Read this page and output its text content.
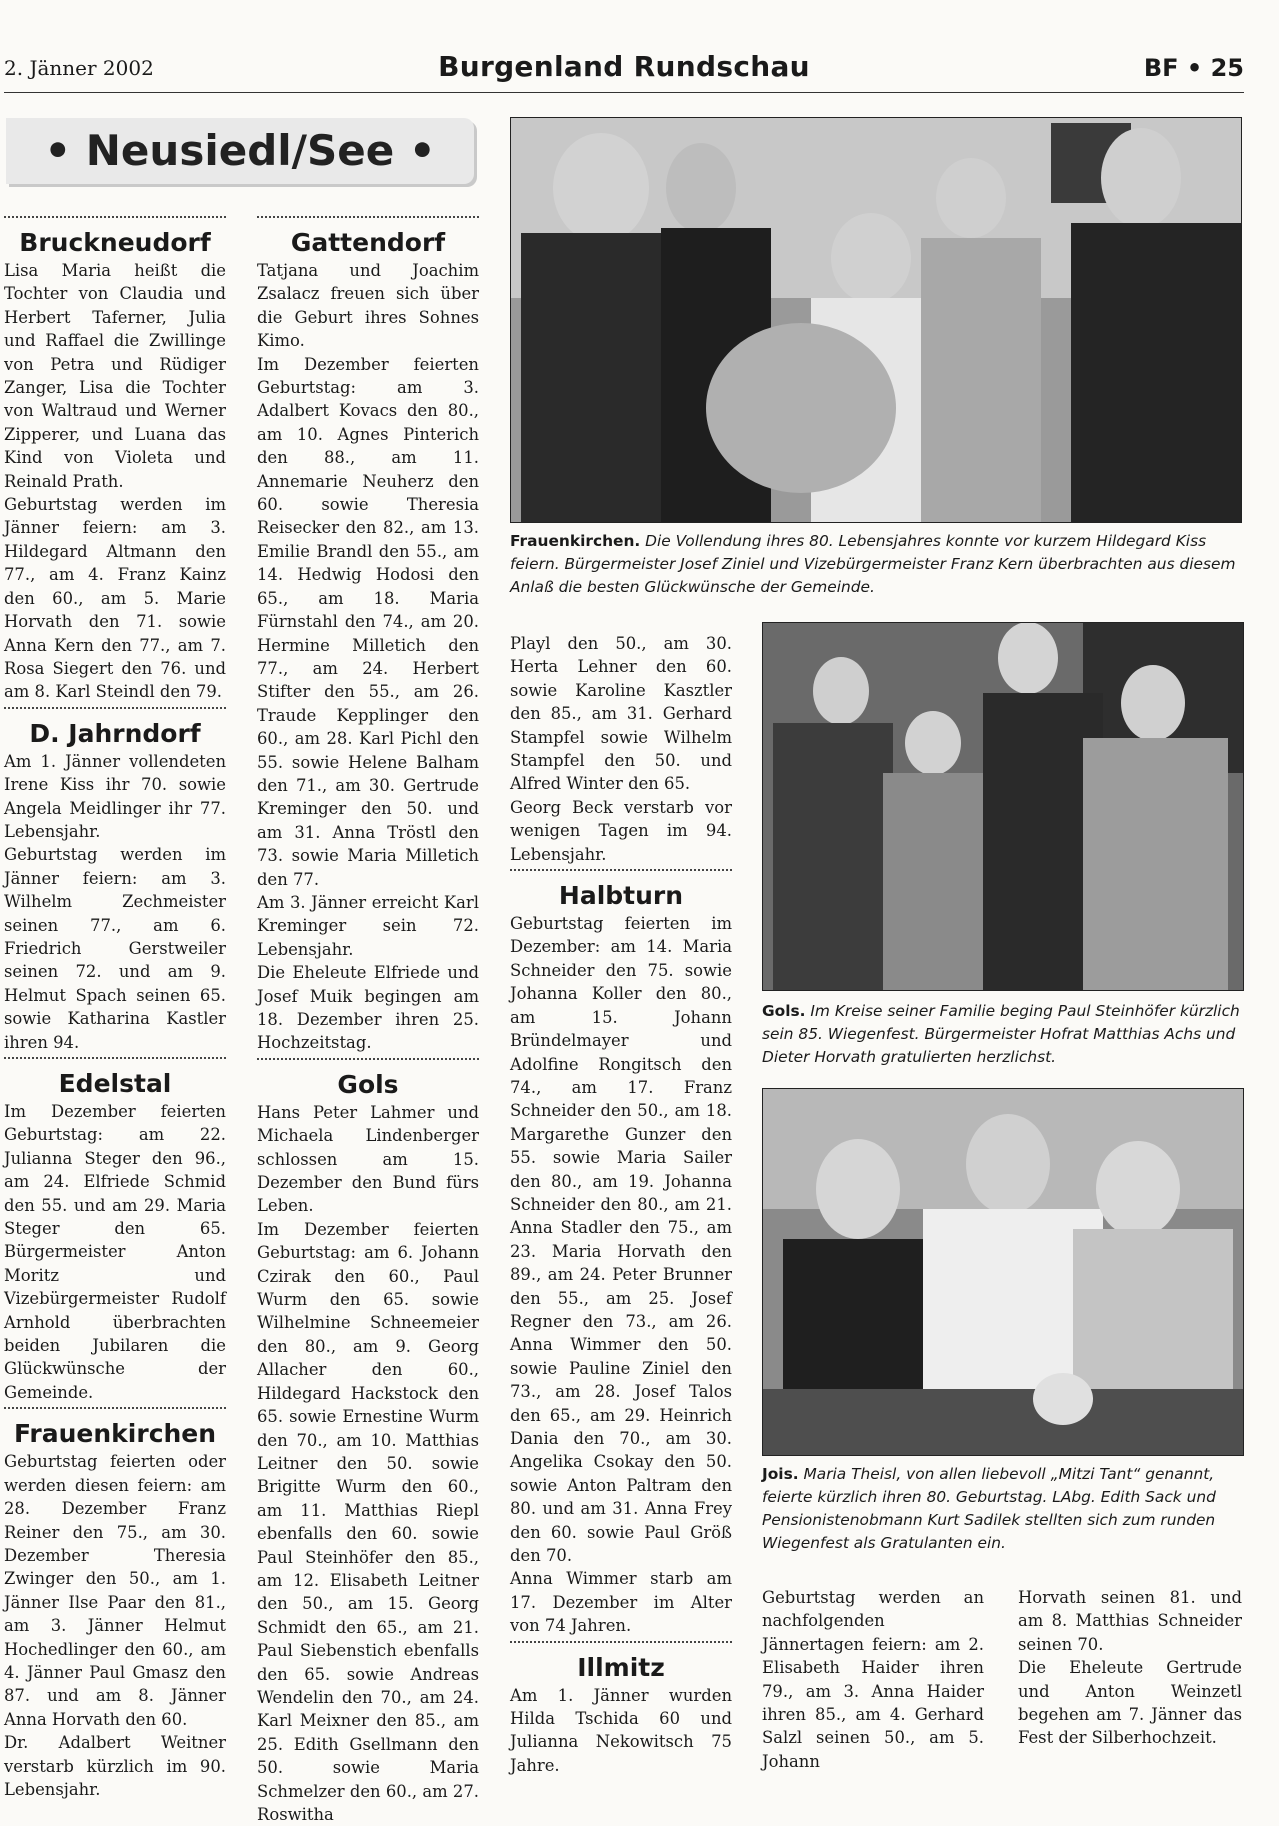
2. Jänner 2002	Burgenland Rundschau	BF • 25
• Neusiedl/See •
Bruckneudorf

Lisa Maria heißt die Tochter von Claudia und Herbert Taferner, Julia und Raffael die Zwillinge von Petra und Rüdiger Zanger, Lisa die Tochter von Waltraud und Werner Zipperer, und Luana das Kind von Violeta und Reinald Prath.

Geburtstag werden im Jänner feiern: am 3. Hildegard Altmann den 77., am 4. Franz Kainz den 60., am 5. Marie Horvath den 71. sowie Anna Kern den 77., am 7. Rosa Siegert den 76. und am 8. Karl Steindl den 79.

D. Jahrndorf

Am 1. Jänner vollendeten Irene Kiss ihr 70. sowie Angela Meidlinger ihr 77. Lebensjahr.

Geburtstag werden im Jänner feiern: am 3. Wilhelm Zechmeister seinen 77., am 6. Friedrich Gerstweiler seinen 72. und am 9. Helmut Spach seinen 65. sowie Katharina Kastler ihren 94.

Edelstal

Im Dezember feierten Geburtstag: am 22. Julianna Steger den 96., am 24. Elfriede Schmid den 55. und am 29. Maria Steger den 65. Bürgermeister Anton Moritz und Vizebürgermeister Rudolf Arnhold überbrachten beiden Jubilaren die Glückwünsche der Gemeinde.

Frauenkirchen

Geburtstag feierten oder werden diesen feiern: am 28. Dezember Franz Reiner den 75., am 30. Dezember Theresia Zwinger den 50., am 1. Jänner Ilse Paar den 81., am 3. Jänner Helmut Hochedlinger den 60., am 4. Jänner Paul Gmasz den 87. und am 8. Jänner Anna Horvath den 60.

Dr. Adalbert Weitner verstarb kürzlich im 90. Lebensjahr.

Gattendorf

Tatjana und Joachim Zsalacz freuen sich über die Geburt ihres Sohnes Kimo.

Im Dezember feierten Geburtstag: am 3. Adalbert Kovacs den 80., am 10. Agnes Pinterich den 88., am 11. Annemarie Neuherz den 60. sowie Theresia Reisecker den 82., am 13. Emilie Brandl den 55., am 14. Hedwig Hodosi den 65., am 18. Maria Fürnstahl den 74., am 20. Hermine Milletich den 77., am 24. Herbert Stifter den 55., am 26. Traude Kepplinger den 60., am 28. Karl Pichl den 55. sowie Helene Balham den 71., am 30. Gertrude Kreminger den 50. und am 31. Anna Tröstl den 73. sowie Maria Milletich den 77.

Am 3. Jänner erreicht Karl Kreminger sein 72. Lebensjahr.

Die Eheleute Elfriede und Josef Muik begingen am 18. Dezember ihren 25. Hochzeitstag.

Gols

Hans Peter Lahmer und Michaela Lindenberger schlossen am 15. Dezember den Bund fürs Leben.

Im Dezember feierten Geburtstag: am 6. Johann Czirak den 60., Paul Wurm den 65. sowie Wilhelmine Schneemeier den 80., am 9. Georg Allacher den 60., Hildegard Hackstock den 65. sowie Ernestine Wurm den 70., am 10. Matthias Leitner den 50. sowie Brigitte Wurm den 60., am 11. Matthias Riepl ebenfalls den 60. sowie Paul Steinhöfer den 85., am 12. Elisabeth Leitner den 50., am 15. Georg Schmidt den 65., am 21. Paul Siebenstich ebenfalls den 65. sowie Andreas Wendelin den 70., am 24. Karl Meixner den 85., am 25. Edith Gsellmann den 50. sowie Maria Schmelzer den 60., am 27. Roswitha

Playl den 50., am 30. Herta Lehner den 60. sowie Karoline Kasztler den 85., am 31. Gerhard Stampfel sowie Wilhelm Stampfel den 50. und Alfred Winter den 65.

Georg Beck verstarb vor wenigen Tagen im 94. Lebensjahr.

Halbturn

Geburtstag feierten im Dezember: am 14. Maria Schneider den 75. sowie Johanna Koller den 80., am 15. Johann Bründelmayer und Adolfine Rongitsch den 74., am 17. Franz Schneider den 50., am 18. Margarethe Gunzer den 55. sowie Maria Sailer den 80., am 19. Johanna Schneider den 80., am 21. Anna Stadler den 75., am 23. Maria Horvath den 89., am 24. Peter Brunner den 55., am 25. Josef Regner den 73., am 26. Anna Wimmer den 50. sowie Pauline Ziniel den 73., am 28. Josef Talos den 65., am 29. Heinrich Dania den 70., am 30. Angelika Csokay den 50. sowie Anton Paltram den 80. und am 31. Anna Frey den 60. sowie Paul Größ den 70.

Anna Wimmer starb am 17. Dezember im Alter von 74 Jahren.

Illmitz

Am 1. Jänner wurden Hilda Tschida 60 und Julianna Nekowitsch 75 Jahre.

Geburtstag werden an nachfolgenden Jännertagen feiern: am 2. Elisabeth Haider ihren 79., am 3. Anna Haider ihren 85., am 4. Gerhard Salzl seinen 50., am 5. Johann

Horvath seinen 81. und am 8. Matthias Schneider seinen 70.

Die Eheleute Gertrude und Anton Weinzetl begehen am 7. Jänner das Fest der Silberhochzeit.

Frauenkirchen. Die Vollendung ihres 80. Lebensjahres konnte vor kurzem Hildegard Kiss feiern. Bürgermeister Josef Ziniel und Vizebürgermeister Franz Kern überbrachten aus diesem Anlaß die besten Glückwünsche der Gemeinde.
Gols. Im Kreise seiner Familie beging Paul Steinhöfer kürzlich sein 85. Wiegenfest. Bürgermeister Hofrat Matthias Achs und Dieter Horvath gratulierten herzlichst.
Jois. Maria Theisl, von allen liebevoll „Mitzi Tant“ genannt, feierte kürzlich ihren 80. Geburtstag. LAbg. Edith Sack und Pensionistenobmann Kurt Sadilek stellten sich zum runden Wiegenfest als Gratulanten ein.
